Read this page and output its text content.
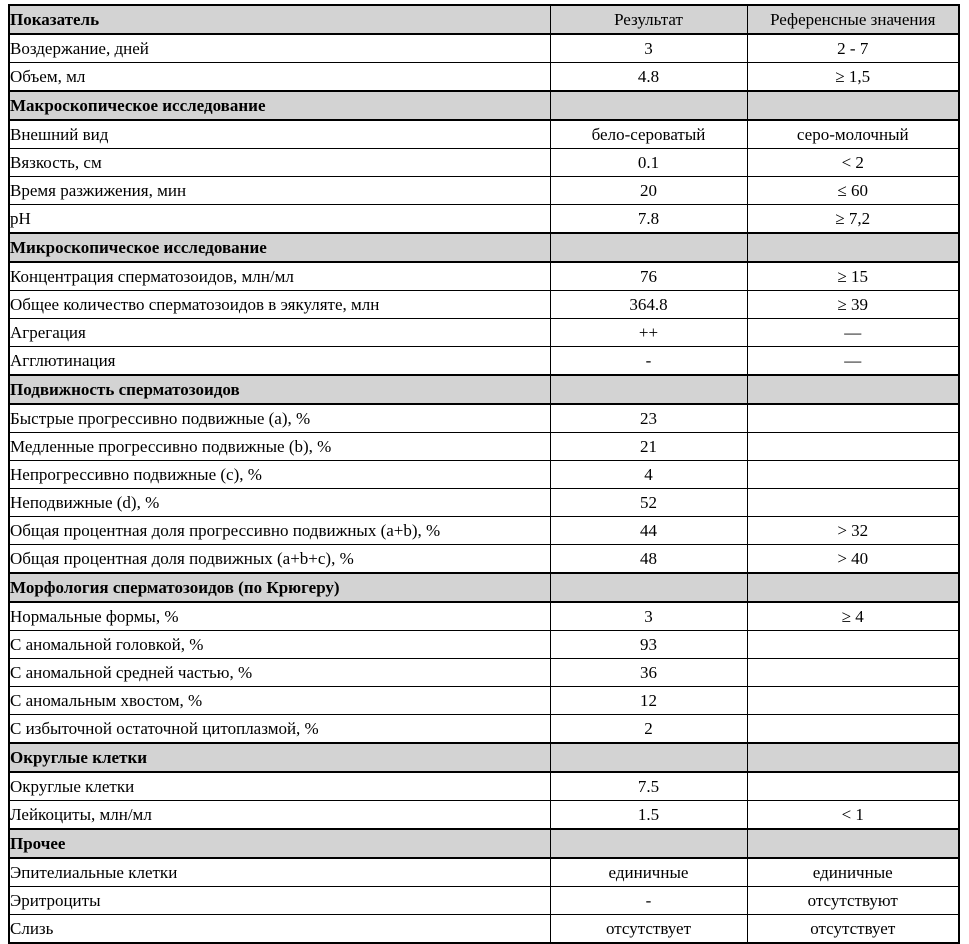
Показатель	Результат	Референсные значения
Воздержание, дней	3	2 - 7
Объем, мл	4.8	≥ 1,5
Макроскопическое исследование		
Внешний вид	бело-сероватый	серо-молочный
Вязкость, см	0.1	< 2
Время разжижения, мин	20	≤ 60
pH	7.8	≥ 7,2
Микроскопическое исследование		
Концентрация сперматозоидов, млн/мл	76	≥ 15
Общее количество сперматозоидов в эякуляте, млн	364.8	≥ 39
Агрегация	++	—
Агглютинация	-	—
Подвижность сперматозоидов		
Быстрые прогрессивно подвижные (a), %	23	
Медленные прогрессивно подвижные (b), %	21	
Непрогрессивно подвижные (c), %	4	
Неподвижные (d), %	52	
Общая процентная доля прогрессивно подвижных (a+b), %	44	> 32
Общая процентная доля подвижных (a+b+c), %	48	> 40
Морфология сперматозоидов (по Крюгеру)		
Нормальные формы, %	3	≥ 4
С аномальной головкой, %	93	
С аномальной средней частью, %	36	
С аномальным хвостом, %	12	
С избыточной остаточной цитоплазмой, %	2	
Округлые клетки		
Округлые клетки	7.5	
Лейкоциты, млн/мл	1.5	< 1
Прочее		
Эпителиальные клетки	единичные	единичные
Эритроциты	-	отсутствуют
Слизь	отсутствует	отсутствует
